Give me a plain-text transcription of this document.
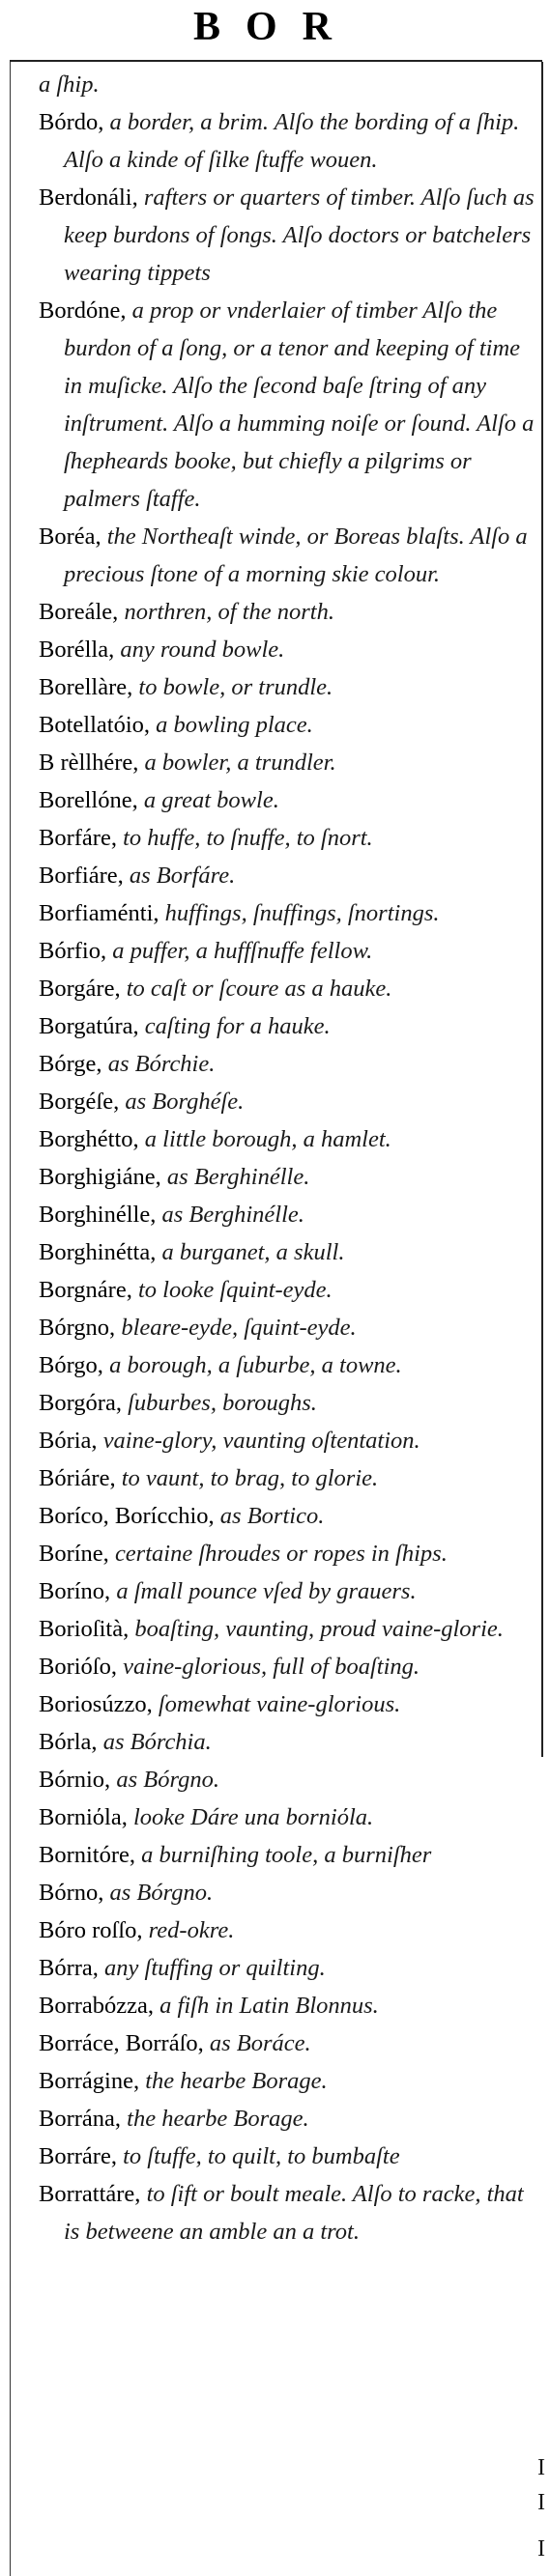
BOR

a ſhip.

Bórdo, a border, a brim. Alſo the bording of a ſhip. Alſo a kinde of ſilke ſtuffe wouen.

Berdonáli, rafters or quarters of timber. Alſo ſuch as keep burdons of ſongs. Alſo doctors or batchelers wearing tippets

Bordóne, a prop or vnderlaier of timber Alſo the burdon of a ſong, or a tenor and keeping of time in muſicke. Alſo the ſecond baſe ſtring of any inſtrument. Alſo a humming noiſe or ſound. Alſo a ſhepheards booke, but chiefly a pilgrims or palmers ſtaffe.

Boréa, the Northeaſt winde, or Boreas blaſts. Alſo a precious ſtone of a morning skie colour.

Boreále, northren, of the north.

Borélla, any round bowle.

Borellàre, to bowle, or trundle.

Botellatóio, a bowling place.

B rèllhére, a bowler, a trundler.

Borellóne, a great bowle.

Borfáre, to huffe, to ſnuffe, to ſnort.

Borfiáre, as Borfáre.

Borfiaménti, huffings, ſnuffings, ſnortings.

Bórfio, a puffer, a huffſnuffe fellow.

Borgáre, to caſt or ſcoure as a hauke.

Borgatúra, caſting for a hauke.

Bórge, as Bórchie.

Borgéſe, as Borghéſe.

Borghétto, a little borough, a hamlet.

Borghigiáne, as Berghinélle.

Borghinélle, as Berghinélle.

Borghinétta, a burganet, a skull.

Borgnáre, to looke ſquint-eyde.

Bórgno, bleare-eyde, ſquint-eyde.

Bórgo, a borough, a ſuburbe, a towne.

Borgóra, ſuburbes, boroughs.

Bória, vaine-glory, vaunting oſtentation.

Bóriáre, to vaunt, to brag, to glorie.

Boríco, Borícchio, as Bortico.

Boríne, certaine ſhroudes or ropes in ſhips.

Boríno, a ſmall pounce vſed by grauers.

Borioſità, boaſting, vaunting, proud vaine-glorie.

Borióſo, vaine-glorious, full of boaſting.

Boriosúzzo, ſomewhat vaine-glorious.

Bórla, as Bórchia.

Bórnio, as Bórgno.

Borniόla, looke Dáre una borniόla.

Bornitóre, a burniſhing toole, a burniſher

Bórno, as Bórgno.

Bóro roſſo, red-okre.

Bórra, any ſtuffing or quilting.

Borrabózza, a fiſh in Latin Blonnus.

Borráce, Borráſo, as Boráce.

Borrágine, the hearbe Borage.

Borrána, the hearbe Borage.

Borráre, to ſtuffe, to quilt, to bumbaſte

Borrattáre, to ſift or boult meale. Alſo to racke, that is betweene an amble an a trot.

I
I
I
